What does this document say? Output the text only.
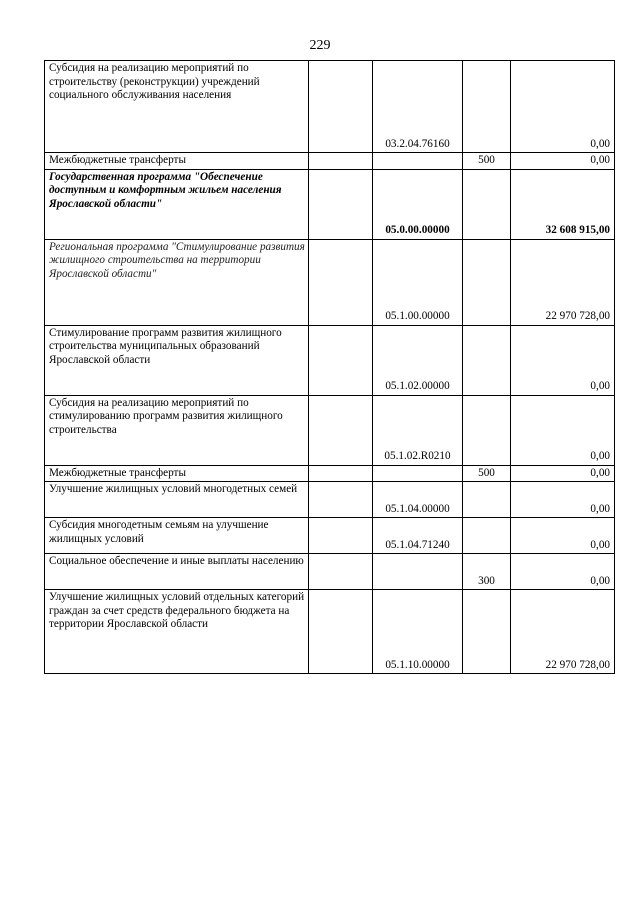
229
Субсидия на реализацию мероприятий по строительству (реконструкции) учреждений социального обслуживания населения		03.2.04.76160		0,00
Межбюджетные трансферты			500	0,00
Государственная программа "Обеспечение доступным и комфортным жильем населения Ярославской области"		05.0.00.00000		32 608 915,00
Региональная программа "Стимулирование развития жилищного строительства на территории Ярославской области"		05.1.00.00000		22 970 728,00
Стимулирование программ развития жилищного строительства муниципальных образований Ярославской области		05.1.02.00000		0,00
Субсидия на реализацию мероприятий по стимулированию программ развития жилищного строительства		05.1.02.R0210		0,00
Межбюджетные трансферты			500	0,00
Улучшение жилищных условий многодетных семей		05.1.04.00000		0,00
Субсидия многодетным семьям на улучшение жилищных условий		05.1.04.71240		0,00
Социальное обеспечение и иные выплаты населению			300	0,00
Улучшение жилищных условий отдельных категорий граждан за счет средств федерального бюджета на территории Ярославской области		05.1.10.00000		22 970 728,00
